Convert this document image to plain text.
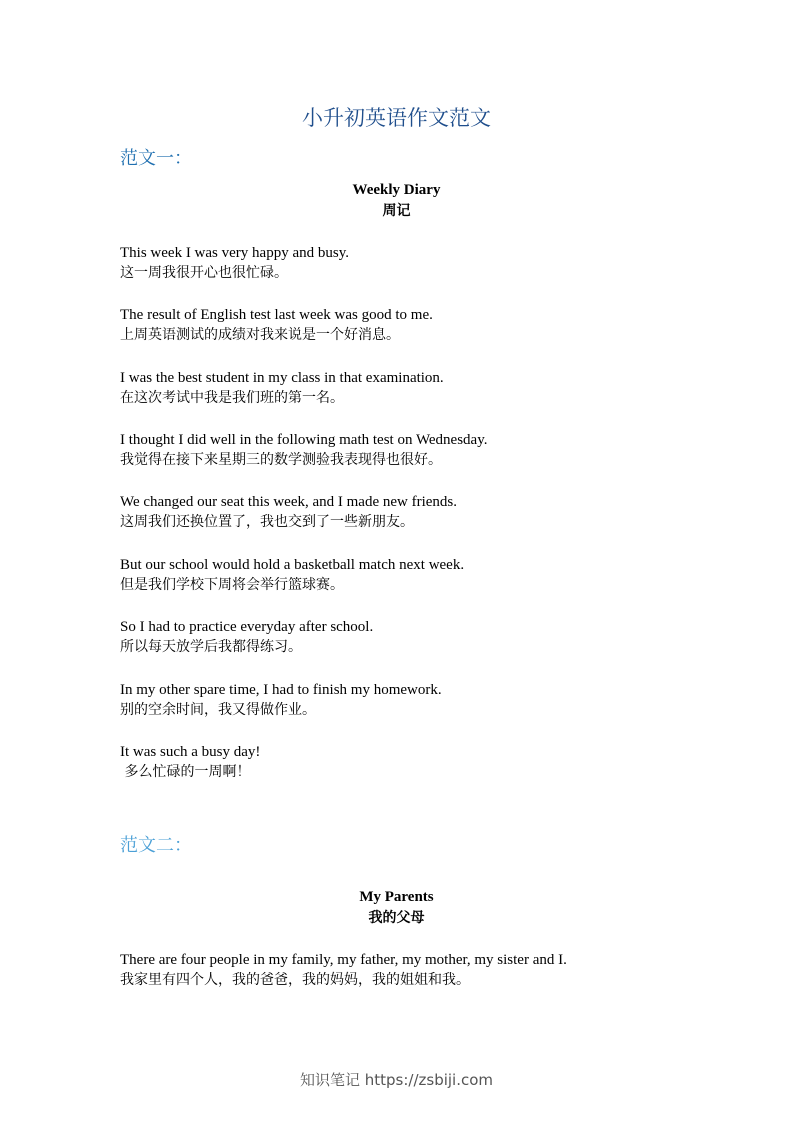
小升初英语作文范文
范文一：
Weekly Diary
周记
This week I was very happy and busy.
这一周我很开心也很忙碌。
The result of English test last week was good to me.
上周英语测试的成绩对我来说是一个好消息。
I was the best student in my class in that examination.
在这次考试中我是我们班的第一名。
I thought I did well in the following math test on Wednesday.
我觉得在接下来星期三的数学测验我表现得也很好。
We changed our seat this week, and I made new friends.
这周我们还换位置了，我也交到了一些新朋友。
But our school would hold a basketball match next week.
但是我们学校下周将会举行篮球赛。
So I had to practice everyday after school.
所以每天放学后我都得练习。
In my other spare time, I had to finish my homework.
别的空余时间，我又得做作业。
It was such a busy day!
多么忙碌的一周啊！
范文二：
My Parents
我的父母
There are four people in my family, my father, my mother, my sister and I.
我家里有四个人，我的爸爸，我的妈妈，我的姐姐和我。
知识笔记 https://zsbiji.com
